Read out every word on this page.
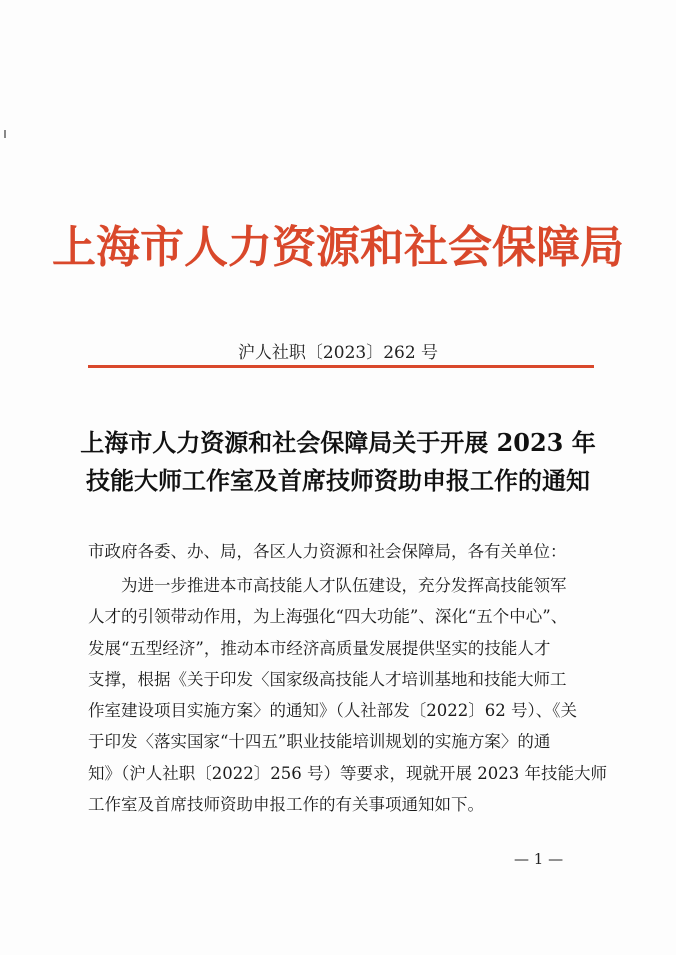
上海市人力资源和社会保障局
沪人社职〔2023〕262 号
上海市人力资源和社会保障局关于开展 2023 年
技能大师工作室及首席技师资助申报工作的通知
市政府各委、办、局，各区人力资源和社会保障局，各有关单位：
　　为进一步推进本市高技能人才队伍建设，充分发挥高技能领军
人才的引领带动作用，为上海强化“四大功能”、深化“五个中心”、
发展“五型经济”，推动本市经济高质量发展提供坚实的技能人才
支撑，根据《关于印发〈国家级高技能人才培训基地和技能大师工
作室建设项目实施方案〉的通知》（人社部发〔2022〕62 号）、《关
于印发〈落实国家“十四五”职业技能培训规划的实施方案〉的通
知》（沪人社职〔2022〕256 号）等要求，现就开展 2023 年技能大师
工作室及首席技师资助申报工作的有关事项通知如下。
— 1 —
